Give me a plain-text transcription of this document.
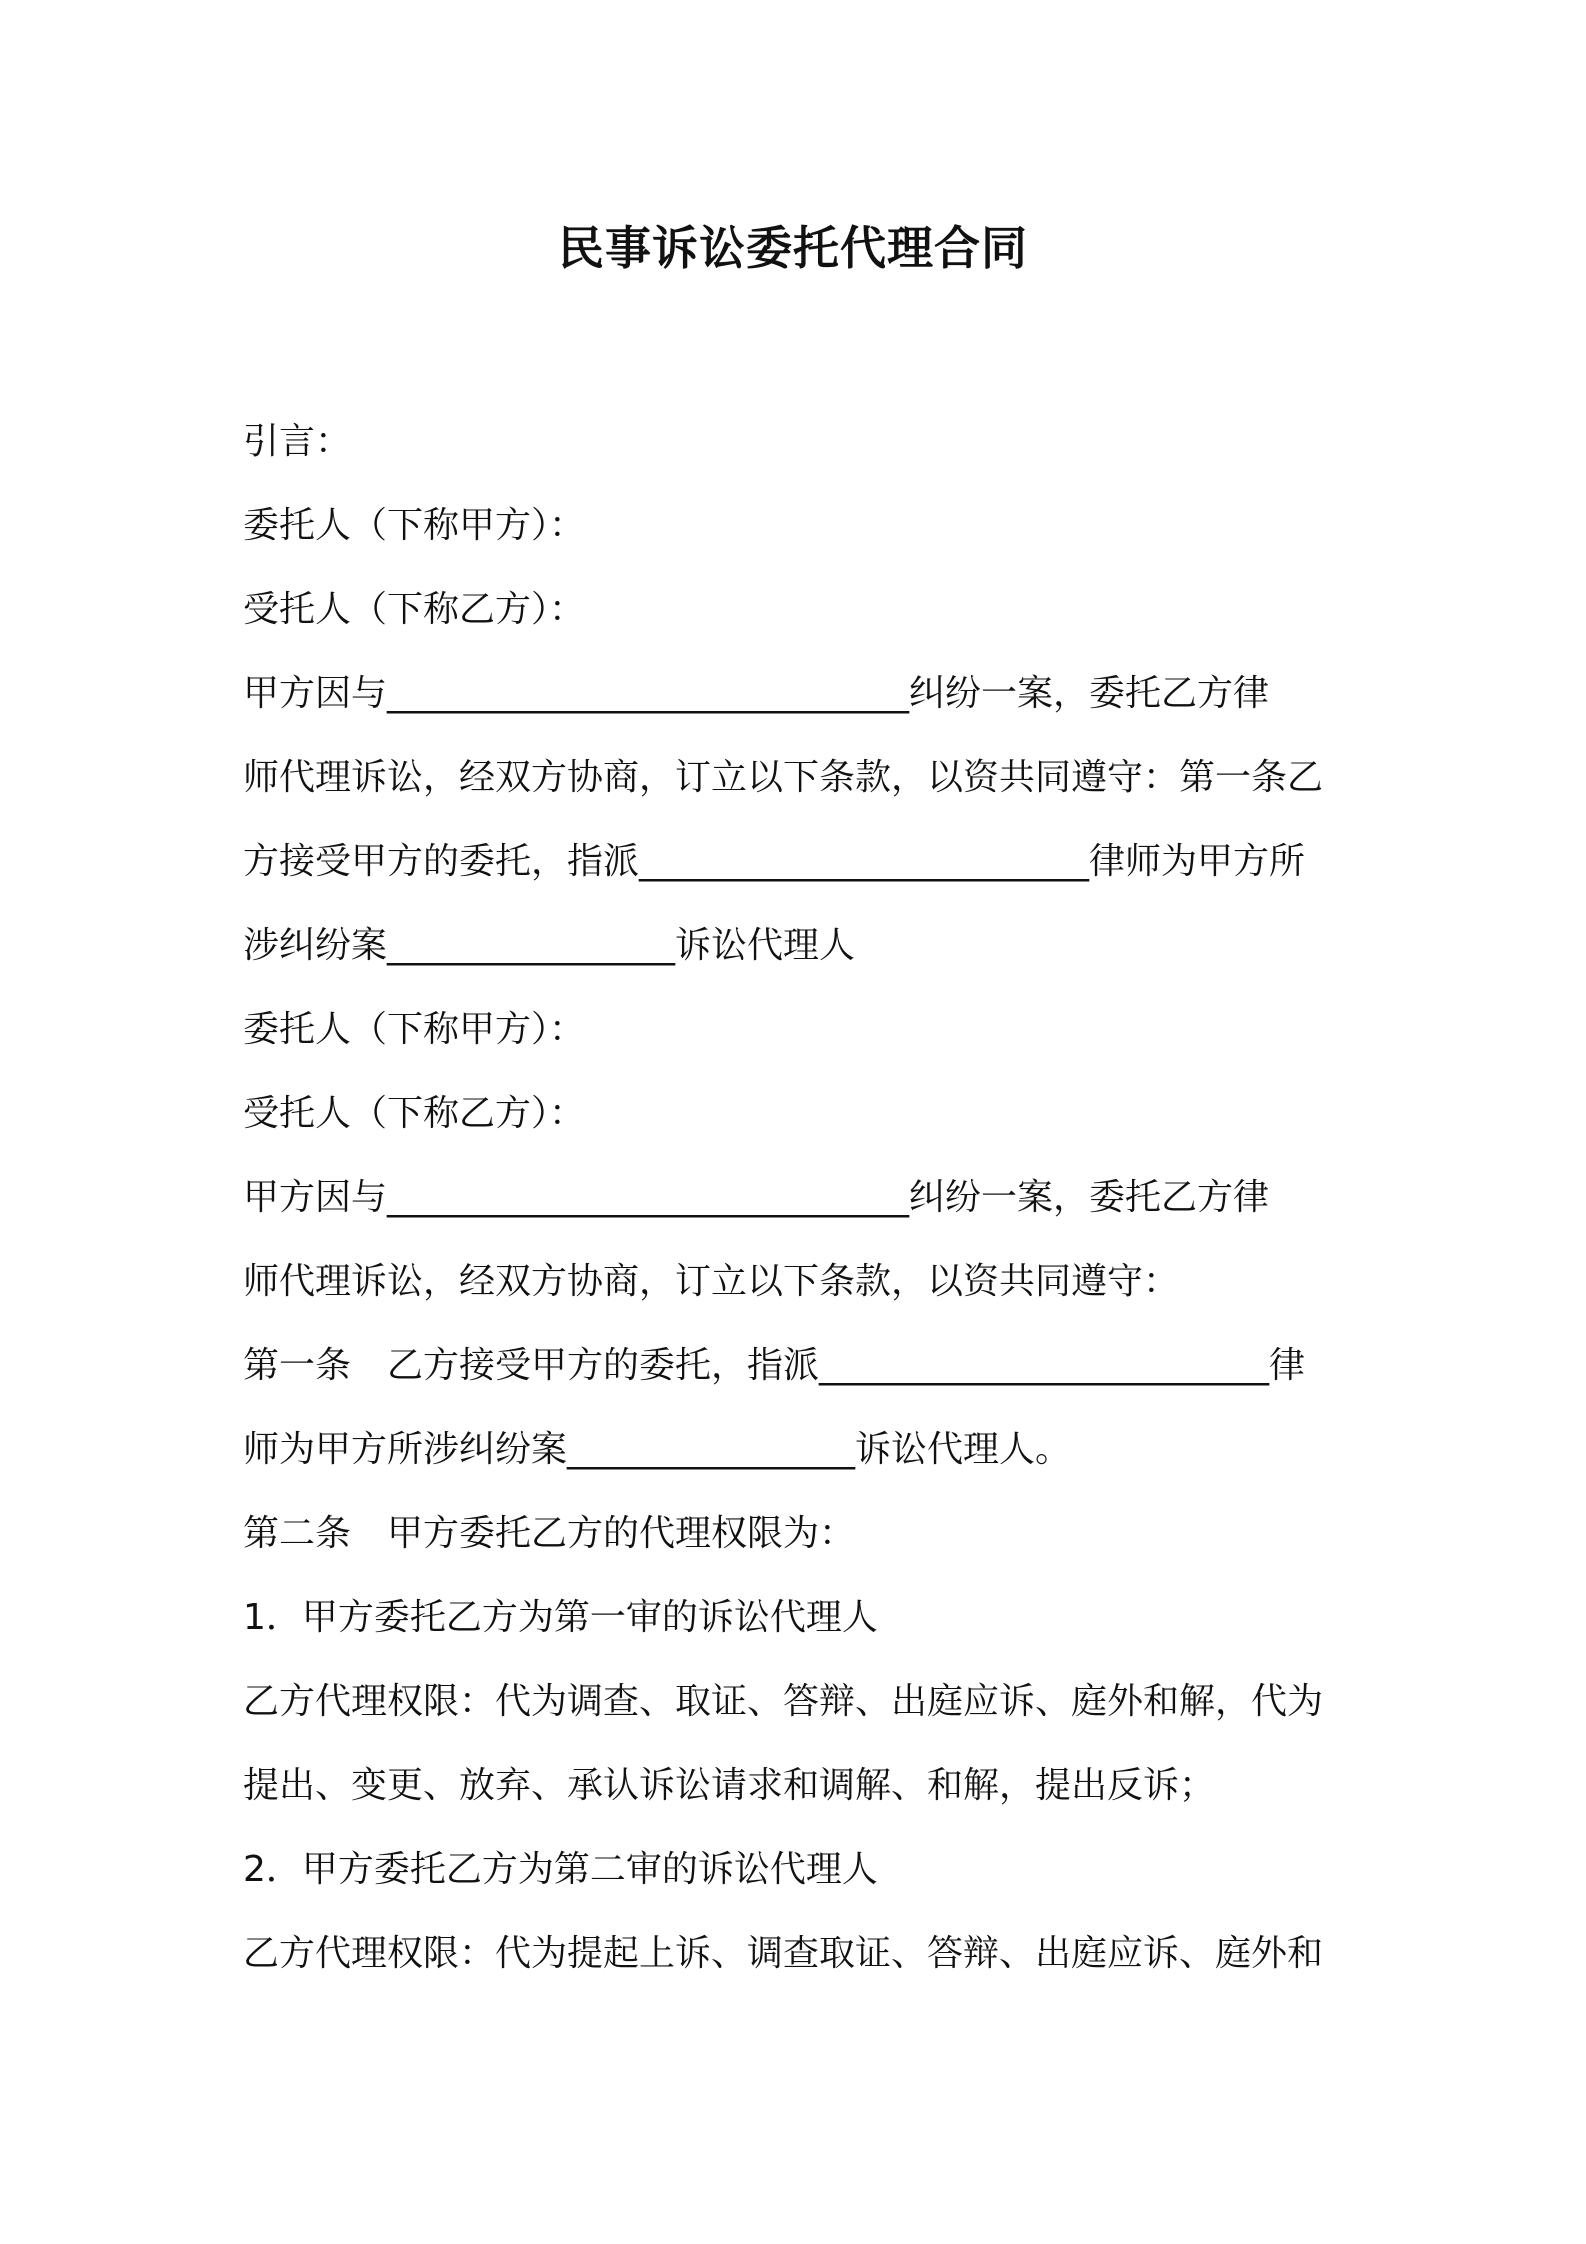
民事诉讼委托代理合同
引言：
委托人（下称甲方）：
受托人（下称乙方）：
甲方因与_____________________________纠纷一案，委托乙方律
师代理诉讼，经双方协商，订立以下条款，以资共同遵守：第一条乙
方接受甲方的委托，指派_________________________律师为甲方所
涉纠纷案________________诉讼代理人
委托人（下称甲方）：
受托人（下称乙方）：
甲方因与_____________________________纠纷一案，委托乙方律
师代理诉讼，经双方协商，订立以下条款，以资共同遵守：
第一条　乙方接受甲方的委托，指派_________________________律
师为甲方所涉纠纷案________________诉讼代理人。
第二条　甲方委托乙方的代理权限为：
1．甲方委托乙方为第一审的诉讼代理人
乙方代理权限：代为调查、取证、答辩、出庭应诉、庭外和解，代为
提出、变更、放弃、承认诉讼请求和调解、和解，提出反诉；
2．甲方委托乙方为第二审的诉讼代理人
乙方代理权限：代为提起上诉、调查取证、答辩、出庭应诉、庭外和
